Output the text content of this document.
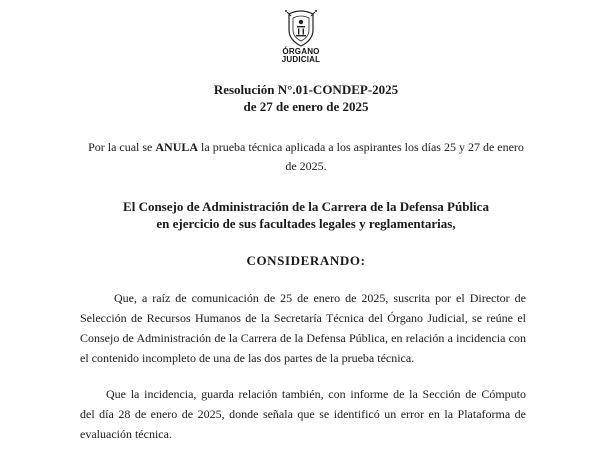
ÓRGANO
JUDICIAL
Resolución N°.01-CONDEP-2025
de 27 de enero de 2025
Por la cual se ANULA la prueba técnica aplicada a los aspirantes los días 25 y 27 de enero
de 2025.
El Consejo de Administración de la Carrera de la Defensa Pública
en ejercicio de sus facultades legales y reglamentarias,
CONSIDERANDO:
Que, a raíz de comunicación de 25 de enero de 2025, suscrita por el Director de
Selección de Recursos Humanos de la Secretaría Técnica del Órgano Judicial, se reúne el
Consejo de Administración de la Carrera de la Defensa Pública, en relación a incidencia con
el contenido incompleto de una de las dos partes de la prueba técnica.
Que la incidencia, guarda relación también, con informe de la Sección de Cómputo
del día 28 de enero de 2025, donde señala que se identificó un error en la Plataforma de
evaluación técnica.
